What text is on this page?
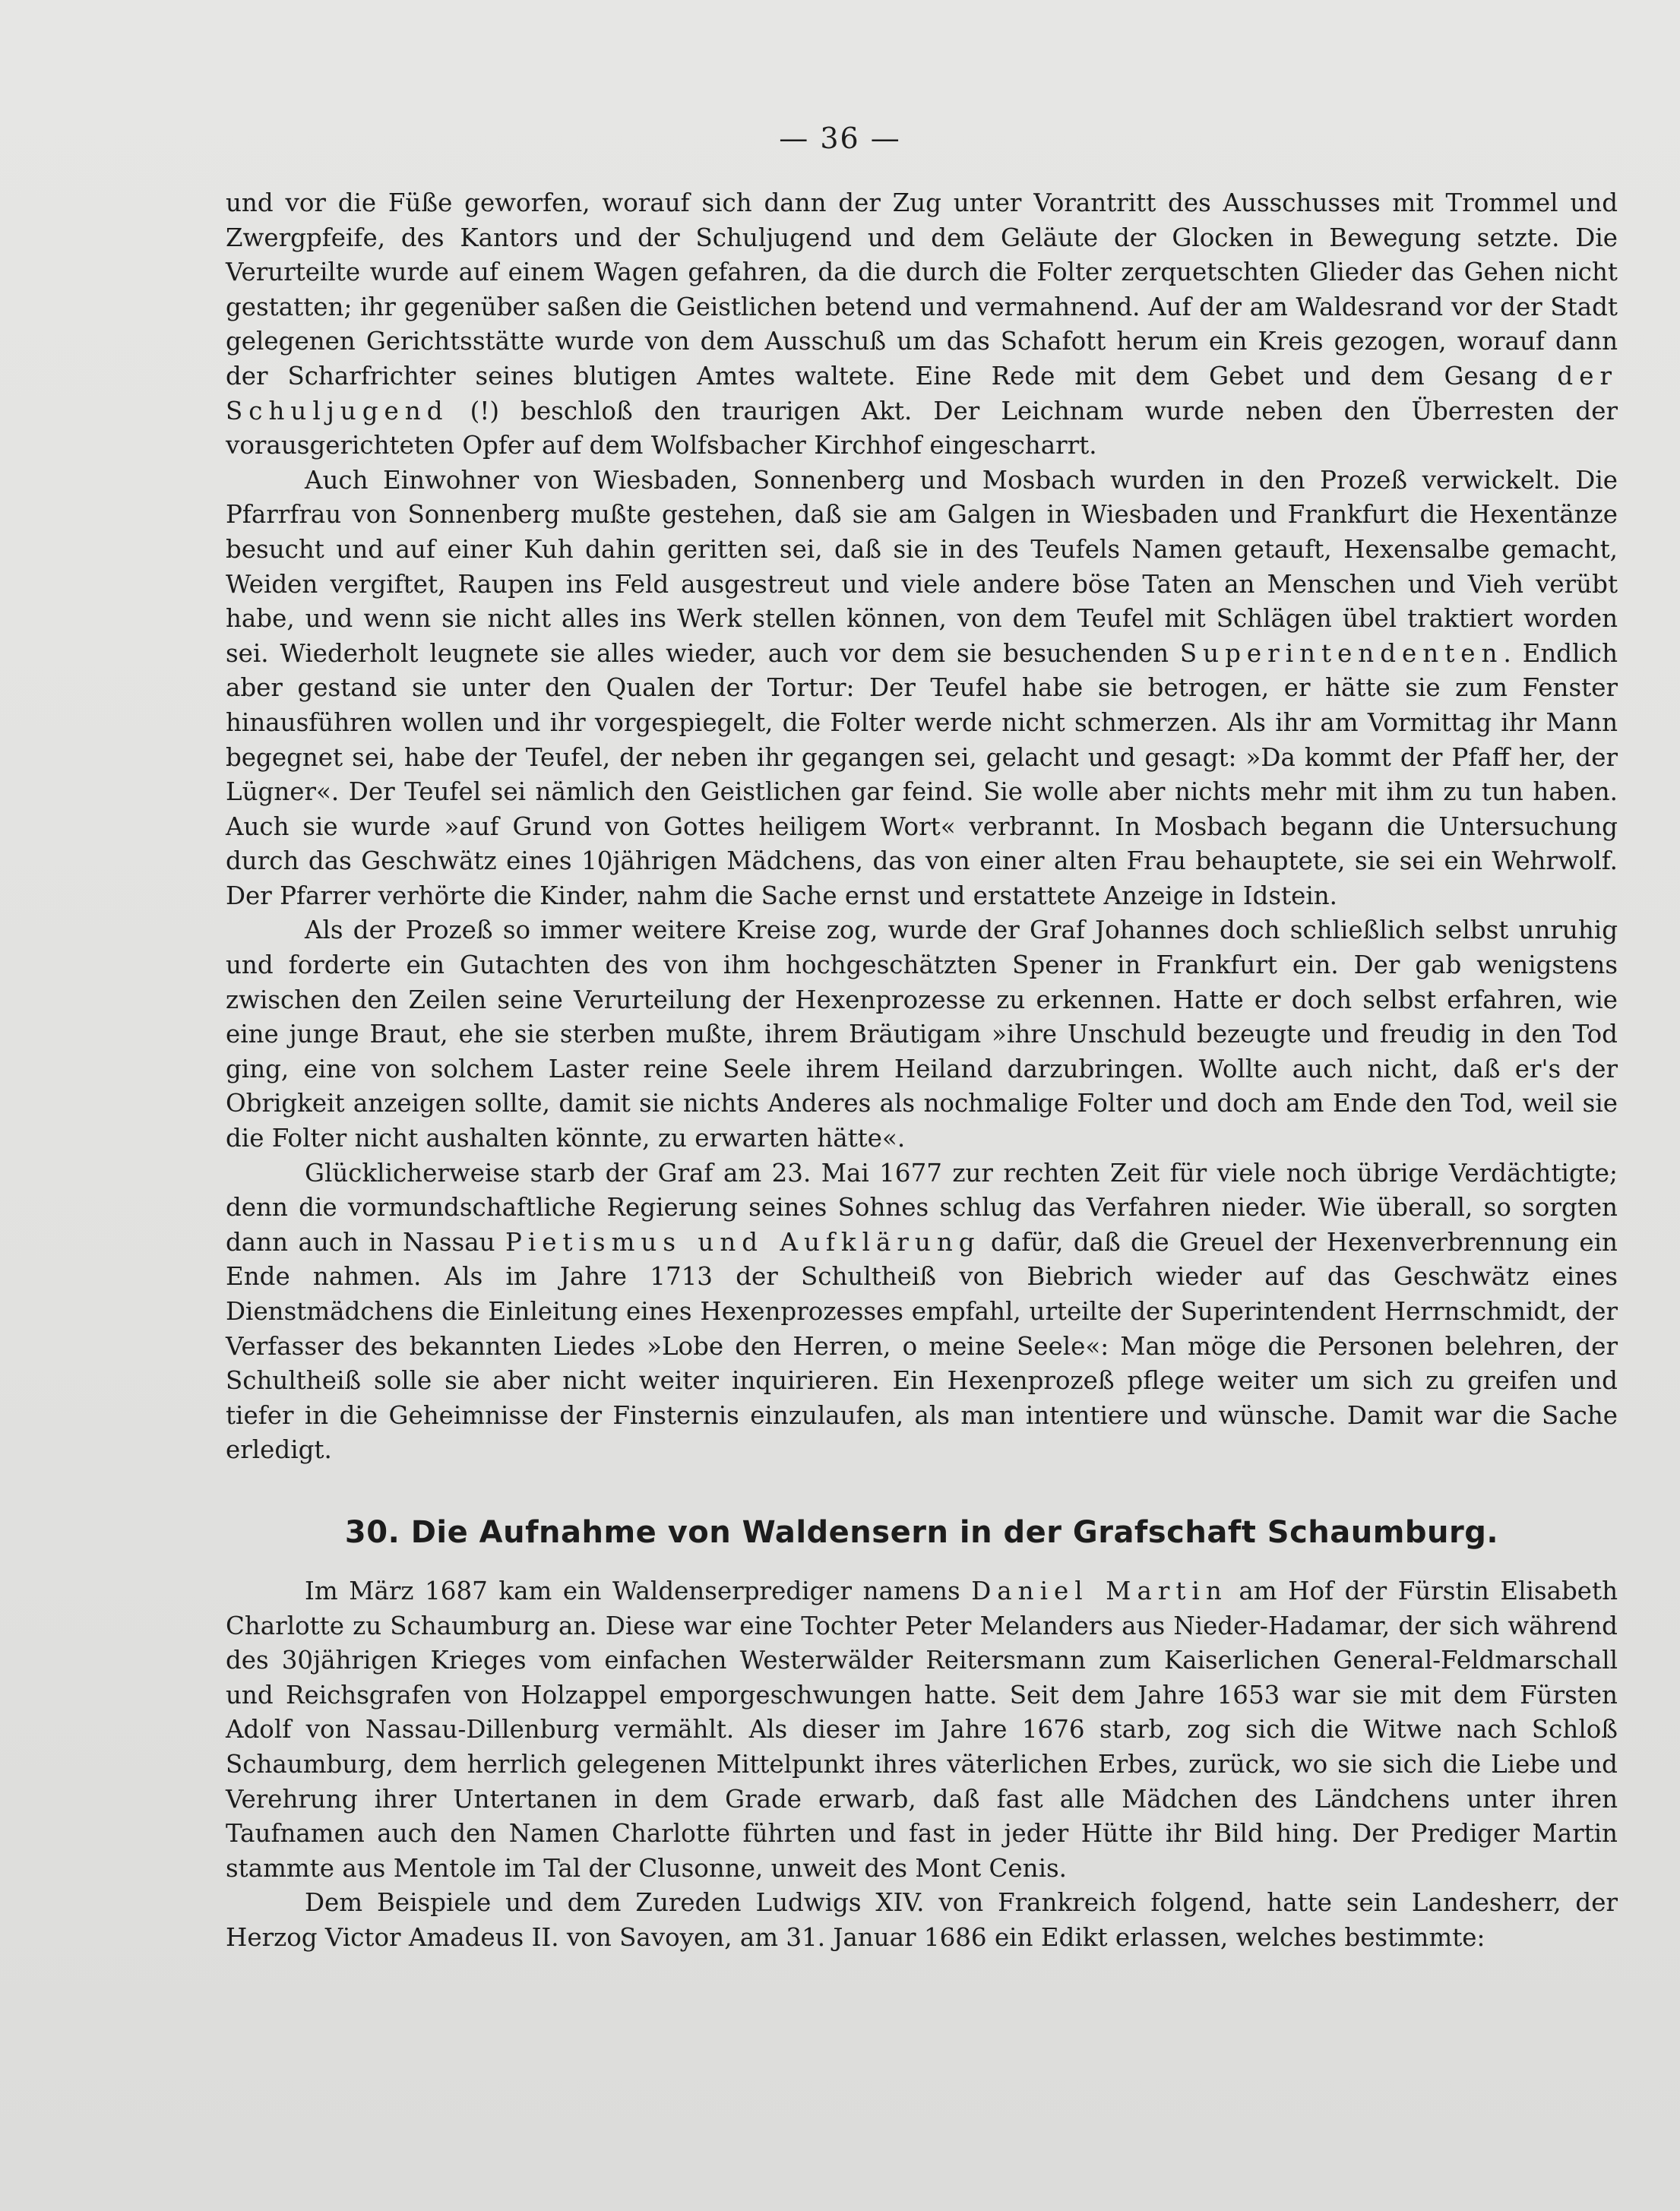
— 36 —

und vor die Füße geworfen, worauf sich dann der Zug unter Vorantritt des Ausschusses mit Trommel und Zwergpfeife, des Kantors und der Schuljugend und dem Geläute der Glocken in Bewegung setzte. Die Verurteilte wurde auf einem Wagen gefahren, da die durch die Folter zerquetschten Glieder das Gehen nicht gestatten; ihr gegenüber saßen die Geistlichen betend und vermahnend. Auf der am Waldesrand vor der Stadt gelegenen Gerichtsstätte wurde von dem Ausschuß um das Schafott herum ein Kreis gezogen, worauf dann der Scharfrichter seines blutigen Amtes waltete. Eine Rede mit dem Gebet und dem Gesang der Schuljugend (!) beschloß den traurigen Akt. Der Leichnam wurde neben den Überresten der vorausgerichteten Opfer auf dem Wolfsbacher Kirchhof eingescharrt.

Auch Einwohner von Wiesbaden, Sonnenberg und Mosbach wurden in den Prozeß verwickelt. Die Pfarrfrau von Sonnenberg mußte gestehen, daß sie am Galgen in Wiesbaden und Frankfurt die Hexentänze besucht und auf einer Kuh dahin geritten sei, daß sie in des Teufels Namen getauft, Hexensalbe gemacht, Weiden vergiftet, Raupen ins Feld ausgestreut und viele andere böse Taten an Menschen und Vieh verübt habe, und wenn sie nicht alles ins Werk stellen können, von dem Teufel mit Schlägen übel traktiert worden sei. Wiederholt leugnete sie alles wieder, auch vor dem sie besuchenden Superintendenten. Endlich aber gestand sie unter den Qualen der Tortur: Der Teufel habe sie betrogen, er hätte sie zum Fenster hinausführen wollen und ihr vorgespiegelt, die Folter werde nicht schmerzen. Als ihr am Vormittag ihr Mann begegnet sei, habe der Teufel, der neben ihr gegangen sei, gelacht und gesagt: »Da kommt der Pfaff her, der Lügner«. Der Teufel sei nämlich den Geistlichen gar feind. Sie wolle aber nichts mehr mit ihm zu tun haben. Auch sie wurde »auf Grund von Gottes heiligem Wort« verbrannt. In Mosbach begann die Untersuchung durch das Geschwätz eines 10jährigen Mädchens, das von einer alten Frau behauptete, sie sei ein Wehrwolf. Der Pfarrer verhörte die Kinder, nahm die Sache ernst und erstattete Anzeige in Idstein.

Als der Prozeß so immer weitere Kreise zog, wurde der Graf Johannes doch schließlich selbst unruhig und forderte ein Gutachten des von ihm hochgeschätzten Spener in Frankfurt ein. Der gab wenigstens zwischen den Zeilen seine Verurteilung der Hexenprozesse zu erkennen. Hatte er doch selbst erfahren, wie eine junge Braut, ehe sie sterben mußte, ihrem Bräutigam »ihre Unschuld bezeugte und freudig in den Tod ging, eine von solchem Laster reine Seele ihrem Heiland darzubringen. Wollte auch nicht, daß er's der Obrigkeit anzeigen sollte, damit sie nichts Anderes als nochmalige Folter und doch am Ende den Tod, weil sie die Folter nicht aushalten könnte, zu erwarten hätte«.

Glücklicherweise starb der Graf am 23. Mai 1677 zur rechten Zeit für viele noch übrige Verdächtigte; denn die vormundschaftliche Regierung seines Sohnes schlug das Verfahren nieder. Wie überall, so sorgten dann auch in Nassau Pietismus und Aufklärung dafür, daß die Greuel der Hexenverbrennung ein Ende nahmen. Als im Jahre 1713 der Schultheiß von Biebrich wieder auf das Geschwätz eines Dienstmädchens die Einleitung eines Hexenprozesses empfahl, urteilte der Superintendent Herrnschmidt, der Verfasser des bekannten Liedes »Lobe den Herren, o meine Seele«: Man möge die Personen belehren, der Schultheiß solle sie aber nicht weiter inquirieren. Ein Hexenprozeß pflege weiter um sich zu greifen und tiefer in die Geheimnisse der Finsternis einzulaufen, als man intentiere und wünsche. Damit war die Sache erledigt.

30. Die Aufnahme von Waldensern in der Grafschaft Schaumburg.

Im März 1687 kam ein Waldenserprediger namens Daniel Martin am Hof der Fürstin Elisabeth Charlotte zu Schaumburg an. Diese war eine Tochter Peter Melanders aus Nieder-Hadamar, der sich während des 30jährigen Krieges vom einfachen Westerwälder Reitersmann zum Kaiserlichen General-Feldmarschall und Reichsgrafen von Holzappel emporgeschwungen hatte. Seit dem Jahre 1653 war sie mit dem Fürsten Adolf von Nassau-Dillenburg vermählt. Als dieser im Jahre 1676 starb, zog sich die Witwe nach Schloß Schaumburg, dem herrlich gelegenen Mittelpunkt ihres väterlichen Erbes, zurück, wo sie sich die Liebe und Verehrung ihrer Untertanen in dem Grade erwarb, daß fast alle Mädchen des Ländchens unter ihren Taufnamen auch den Namen Charlotte führten und fast in jeder Hütte ihr Bild hing. Der Prediger Martin stammte aus Mentole im Tal der Clusonne, unweit des Mont Cenis.

Dem Beispiele und dem Zureden Ludwigs XIV. von Frankreich folgend, hatte sein Landesherr, der Herzog Victor Amadeus II. von Savoyen, am 31. Januar 1686 ein Edikt erlassen, welches bestimmte:
